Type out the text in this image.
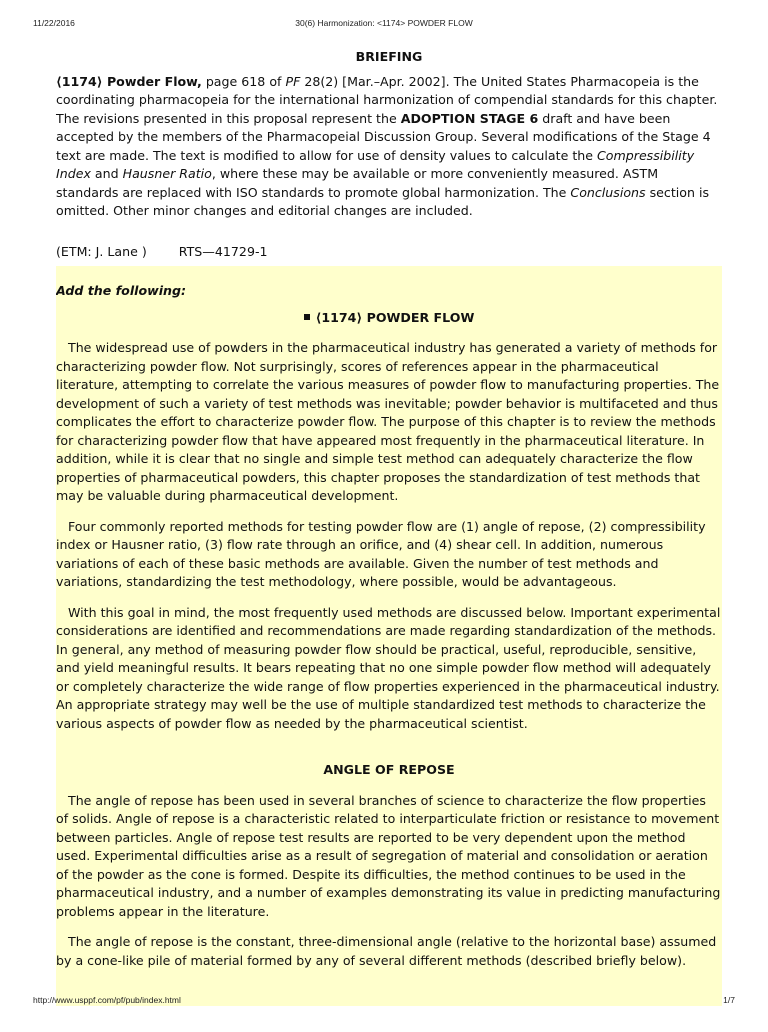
11/22/2016	30(6) Harmonization: <1174> POWDER FLOW
BRIEFING

⟨1174⟩ Powder Flow, page 618 of PF 28(2) [Mar.–Apr. 2002]. The United States Pharmacopeia is the coordinating pharmacopeia for the international harmonization of compendial standards for this chapter. The revisions presented in this proposal represent the ADOPTION STAGE 6 draft and have been accepted by the members of the Pharmacopeial Discussion Group. Several modifications of the Stage 4 text are made. The text is modified to allow for use of density values to calculate the Compressibility Index and Hausner Ratio, where these may be available or more conveniently measured. ASTM standards are replaced with ISO standards to promote global harmonization. The Conclusions section is omitted. Other minor changes and editorial changes are included.

(ETM: J. Lane )	RTS—41729-1

Add the following:

⟨1174⟩ POWDER FLOW

The widespread use of powders in the pharmaceutical industry has generated a variety of methods for characterizing powder flow. Not surprisingly, scores of references appear in the pharmaceutical literature, attempting to correlate the various measures of powder flow to manufacturing properties. The development of such a variety of test methods was inevitable; powder behavior is multifaceted and thus complicates the effort to characterize powder flow. The purpose of this chapter is to review the methods for characterizing powder flow that have appeared most frequently in the pharmaceutical literature. In addition, while it is clear that no single and simple test method can adequately characterize the flow properties of pharmaceutical powders, this chapter proposes the standardization of test methods that may be valuable during pharmaceutical development.

Four commonly reported methods for testing powder flow are (1) angle of repose, (2) compressibility index or Hausner ratio, (3) flow rate through an orifice, and (4) shear cell. In addition, numerous variations of each of these basic methods are available. Given the number of test methods and variations, standardizing the test methodology, where possible, would be advantageous.

With this goal in mind, the most frequently used methods are discussed below. Important experimental considerations are identified and recommendations are made regarding standardization of the methods. In general, any method of measuring powder flow should be practical, useful, reproducible, sensitive, and yield meaningful results. It bears repeating that no one simple powder flow method will adequately or completely characterize the wide range of flow properties experienced in the pharmaceutical industry. An appropriate strategy may well be the use of multiple standardized test methods to characterize the various aspects of powder flow as needed by the pharmaceutical scientist.

ANGLE OF REPOSE

The angle of repose has been used in several branches of science to characterize the flow properties of solids. Angle of repose is a characteristic related to interparticulate friction or resistance to movement between particles. Angle of repose test results are reported to be very dependent upon the method used. Experimental difficulties arise as a result of segregation of material and consolidation or aeration of the powder as the cone is formed. Despite its difficulties, the method continues to be used in the pharmaceutical industry, and a number of examples demonstrating its value in predicting manufacturing problems appear in the literature.

The angle of repose is the constant, three-dimensional angle (relative to the horizontal base) assumed by a cone-like pile of material formed by any of several different methods (described briefly below).

http://www.usppf.com/pf/pub/index.html	1/7
